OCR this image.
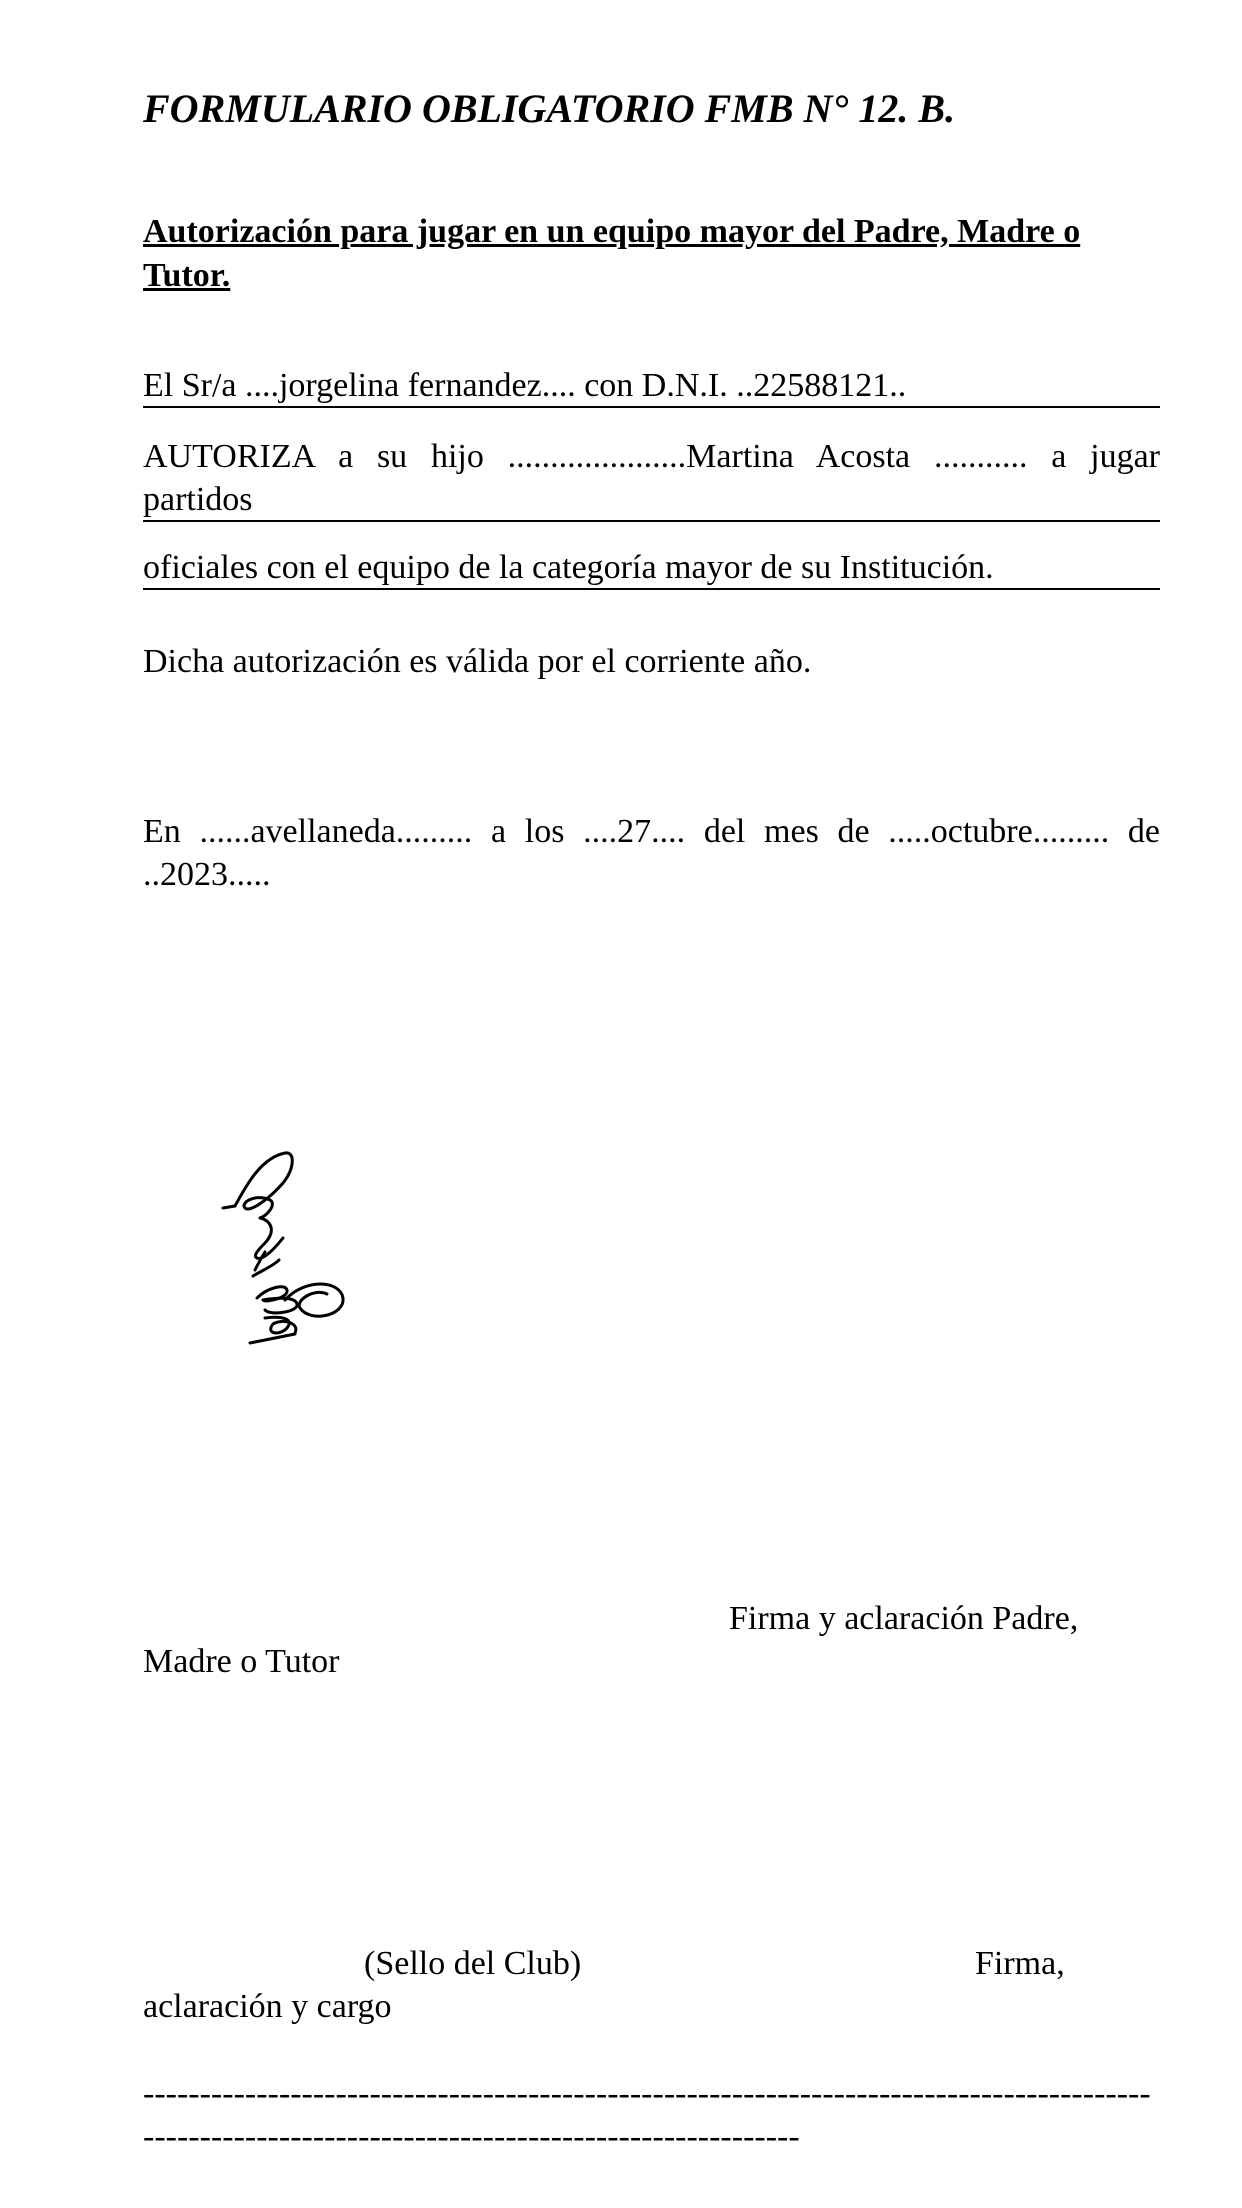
FORMULARIO OBLIGATORIO FMB N° 12. B.
Autorización para jugar en un equipo mayor del Padre, Madre o Tutor.
El Sr/a ....jorgelina fernandez.... con D.N.I. ..22588121..
AUTORIZA a su hijo .....................Martina Acosta ........... a jugar
partidos
oficiales con el equipo de la categoría mayor de su Institución.
Dicha autorización es válida por el corriente año.
En ......avellaneda......... a los ....27.... del mes de .....octubre......... de
..2023.....
Firma y aclaración Padre,
Madre o Tutor
(Sello del Club)	Firma,
aclaración y cargo
-----------------------------------------------------------------------------------------
----------------------------------------------------------
